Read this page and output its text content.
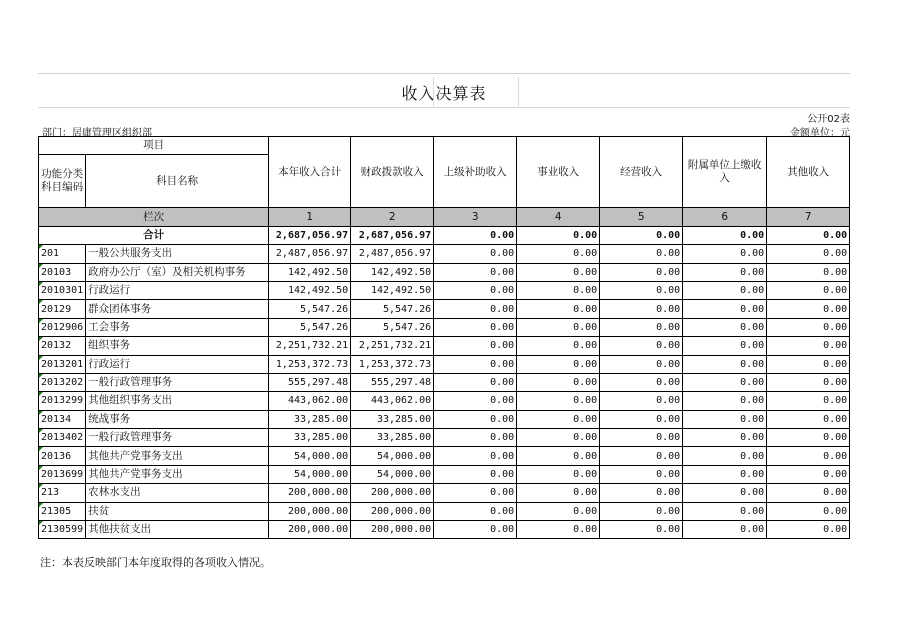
收入决算表
公开02表
部门：居庸管理区组织部	金额单位：元
项目		本年收入合计	财政拨款收入	上级补助收入	事业收入	经营收入	附属单位上缴收入	其他收入
功能分类科目编码	科目名称							

栏次		1	2	3	4	5	6	7
合计		2,687,056.97	2,687,056.97	0.00	0.00	0.00	0.00	0.00
201	一般公共服务支出	2,487,056.97	2,487,056.97	0.00	0.00	0.00	0.00	0.00
20103	政府办公厅（室）及相关机构事务	142,492.50	142,492.50	0.00	0.00	0.00	0.00	0.00
2010301	行政运行	142,492.50	142,492.50	0.00	0.00	0.00	0.00	0.00
20129	群众团体事务	5,547.26	5,547.26	0.00	0.00	0.00	0.00	0.00
2012906	工会事务	5,547.26	5,547.26	0.00	0.00	0.00	0.00	0.00
20132	组织事务	2,251,732.21	2,251,732.21	0.00	0.00	0.00	0.00	0.00
2013201	行政运行	1,253,372.73	1,253,372.73	0.00	0.00	0.00	0.00	0.00
2013202	一般行政管理事务	555,297.48	555,297.48	0.00	0.00	0.00	0.00	0.00
2013299	其他组织事务支出	443,062.00	443,062.00	0.00	0.00	0.00	0.00	0.00
20134	统战事务	33,285.00	33,285.00	0.00	0.00	0.00	0.00	0.00
2013402	一般行政管理事务	33,285.00	33,285.00	0.00	0.00	0.00	0.00	0.00
20136	其他共产党事务支出	54,000.00	54,000.00	0.00	0.00	0.00	0.00	0.00
2013699	其他共产党事务支出	54,000.00	54,000.00	0.00	0.00	0.00	0.00	0.00
213	农林水支出	200,000.00	200,000.00	0.00	0.00	0.00	0.00	0.00
21305	扶贫	200,000.00	200,000.00	0.00	0.00	0.00	0.00	0.00
2130599	其他扶贫支出	200,000.00	200,000.00	0.00	0.00	0.00	0.00	0.00
注：本表反映部门本年度取得的各项收入情况。
